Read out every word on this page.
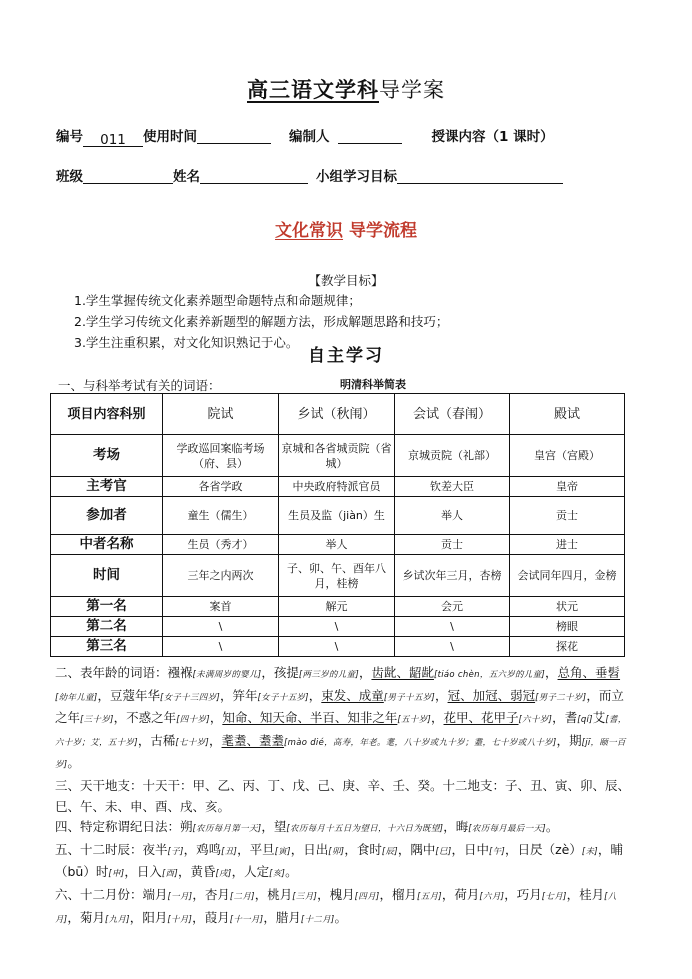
高三语文学科导学案
编号 011 使用时间	编制人	授课内容（1 课时）
班级	姓名	小组学习目标
文化常识 导学流程
【教学目标】
1.学生掌握传统文化素养题型命题特点和命题规律；
2.学生学习传统文化素养新题型的解题方法，形成解题思路和技巧；
3.学生注重积累，对文化知识熟记于心。
自主学习
一、与科举考试有关的词语：	明清科举简表
项目内容科别	院试	乡试（秋闱）	会试（春闱）	殿试
考场	学政巡回案临考场（府、县）	京城和各省城贡院（省城）	京城贡院（礼部）	皇宫（宫殿）
主考官	各省学政	中央政府特派官员	钦差大臣	皇帝
参加者	童生（儒生）	生员及监（jiàn）生	举人	贡士
中者名称	生员（秀才）	举人	贡士	进士
时间	三年之内两次	子、卯、午、酉年八月，桂榜	乡试次年三月，杏榜	会试同年四月，金榜
第一名	案首	解元	会元	状元
第二名	\	\	\	榜眼
第三名	\	\	\	探花

二、表年龄的词语：襁褓[未满周岁的婴儿]，孩提[两三岁的儿童]，齿龀、龆龀[tiáo chèn，五六岁的儿童]，总角、垂髫[幼年儿童]，豆蔻年华[女子十三四岁]，笄年[女子十五岁]，束发、成童[男子十五岁]，冠、加冠、弱冠[男子二十岁]，而立之年[三十岁]，不惑之年[四十岁]，知命、知天命、半百、知非之年[五十岁]，花甲、花甲子[六十岁]，耆[qí]艾[耆，六十岁；艾，五十岁]，古稀[七十岁]，耄耋、耋耋[mào dié，高寿，年老。耄，八十岁或九十岁；耋，七十岁或八十岁]，期[jī，颐一百岁]。

三、天干地支：十天干：甲、乙、丙、丁、戊、己、庚、辛、壬、癸。十二地支：子、丑、寅、卯、辰、巳、午、未、申、酉、戌、亥。

四、特定称谓纪日法：朔[农历每月第一天]，望[农历每月十五日为望日，十六日为既望]，晦[农历每月最后一天]。

五、十二时辰：夜半[子]，鸡鸣[丑]，平旦[寅]，日出[卯]，食时[辰]，隅中[巳]，日中[午]，日昃（zè）[未]，晡（bū）时[申]，日入[酉]，黄昏[戌]，人定[亥]。

六、十二月份：端月[一月]，杏月[二月]，桃月[三月]，槐月[四月]，榴月[五月]，荷月[六月]，巧月[七月]，桂月[八月]，菊月[九月]，阳月[十月]，葭月[十一月]，腊月[十二月]。
